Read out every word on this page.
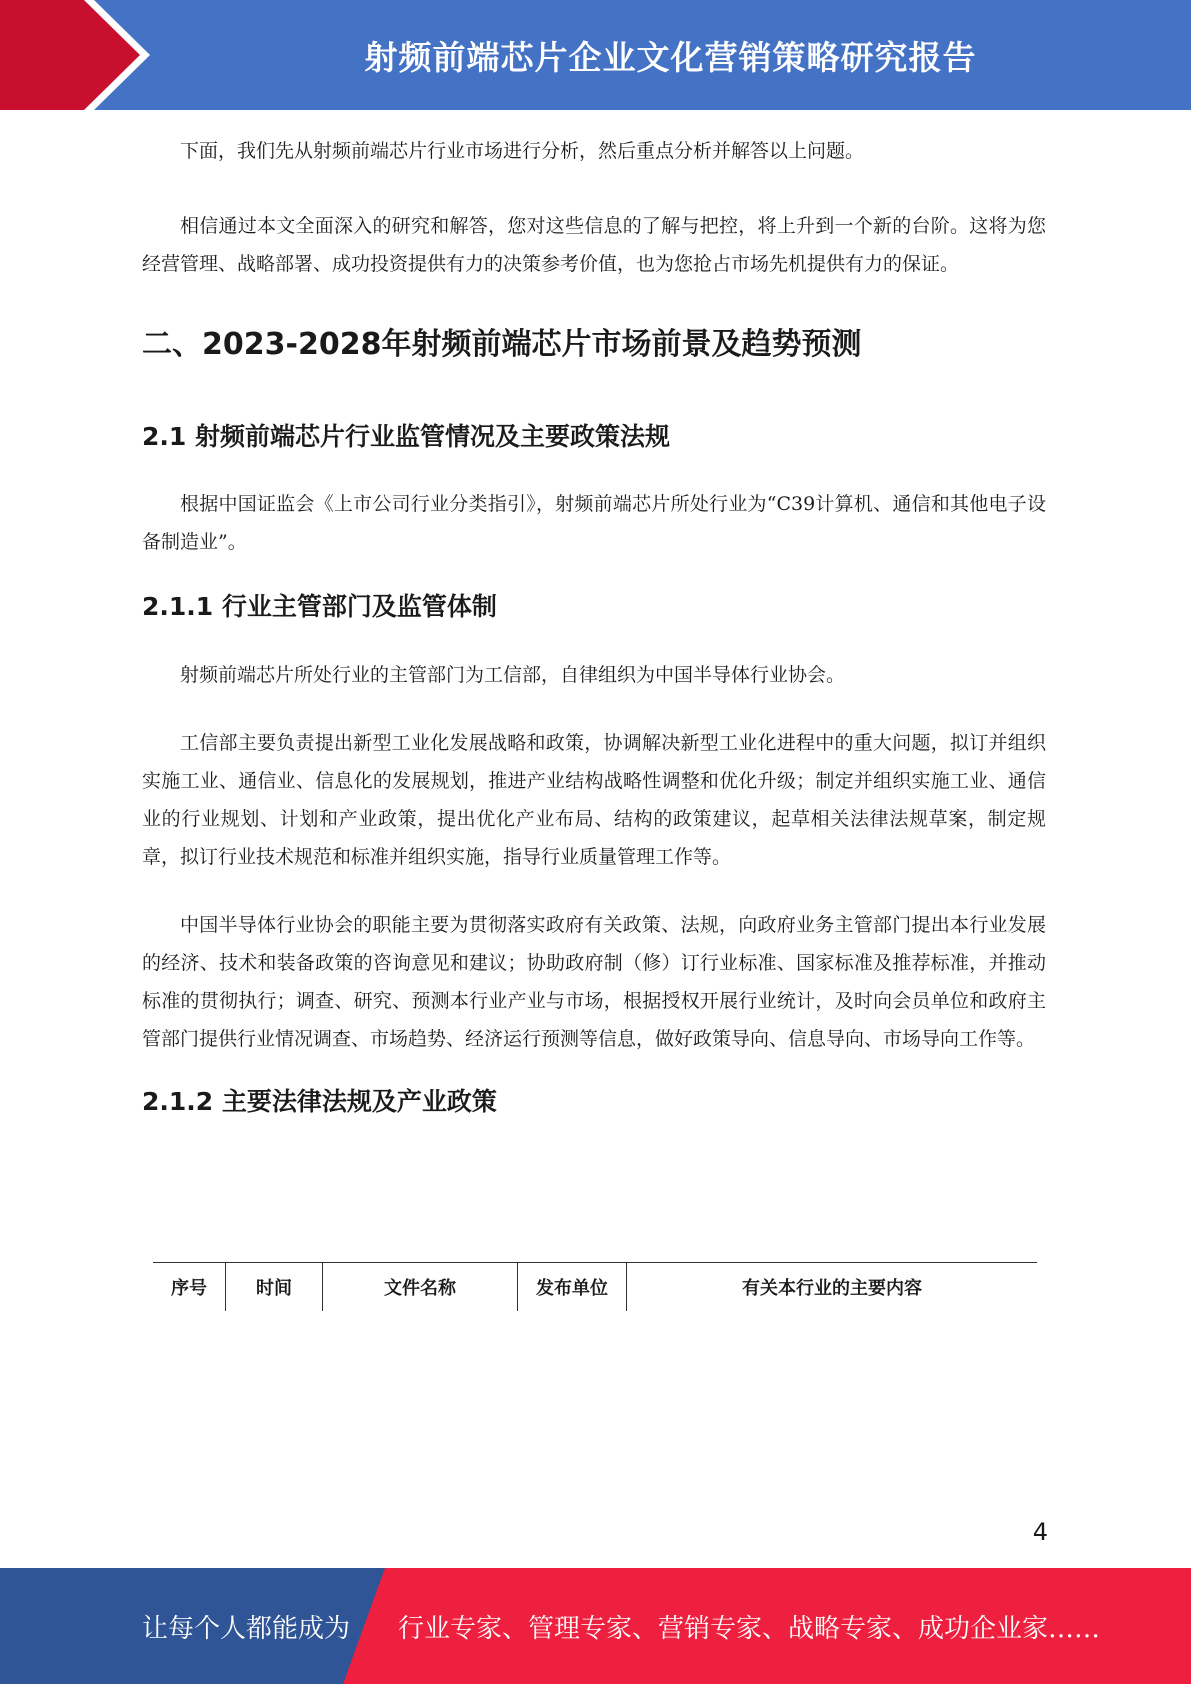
射频前端芯片企业文化营销策略研究报告

下面，我们先从射频前端芯片行业市场进行分析，然后重点分析并解答以上问题。

相信通过本文全面深入的研究和解答，您对这些信息的了解与把控，将上升到一个新的台阶。这将为您经营管理、战略部署、成功投资提供有力的决策参考价值，也为您抢占市场先机提供有力的保证。

二、2023-2028年射频前端芯片市场前景及趋势预测
2.1 射频前端芯片行业监管情况及主要政策法规

根据中国证监会《上市公司行业分类指引》，射频前端芯片所处行业为“C39计算机、通信和其他电子设备制造业”。

2.1.1 行业主管部门及监管体制

射频前端芯片所处行业的主管部门为工信部，自律组织为中国半导体行业协会。

工信部主要负责提出新型工业化发展战略和政策，协调解决新型工业化进程中的重大问题，拟订并组织实施工业、通信业、信息化的发展规划，推进产业结构战略性调整和优化升级；制定并组织实施工业、通信业的行业规划、计划和产业政策，提出优化产业布局、结构的政策建议，起草相关法律法规草案，制定规章，拟订行业技术规范和标准并组织实施，指导行业质量管理工作等。

中国半导体行业协会的职能主要为贯彻落实政府有关政策、法规，向政府业务主管部门提出本行业发展的经济、技术和装备政策的咨询意见和建议；协助政府制（修）订行业标准、国家标准及推荐标准，并推动标准的贯彻执行；调查、研究、预测本行业产业与市场，根据授权开展行业统计，及时向会员单位和政府主管部门提供行业情况调查、市场趋势、经济运行预测等信息，做好政策导向、信息导向、市场导向工作等。

2.1.2 主要法律法规及产业政策
序号	时间	文件名称	发布单位	有关本行业的主要内容
4
让每个人都能成为 行业专家、管理专家、营销专家、战略专家、成功企业家……
